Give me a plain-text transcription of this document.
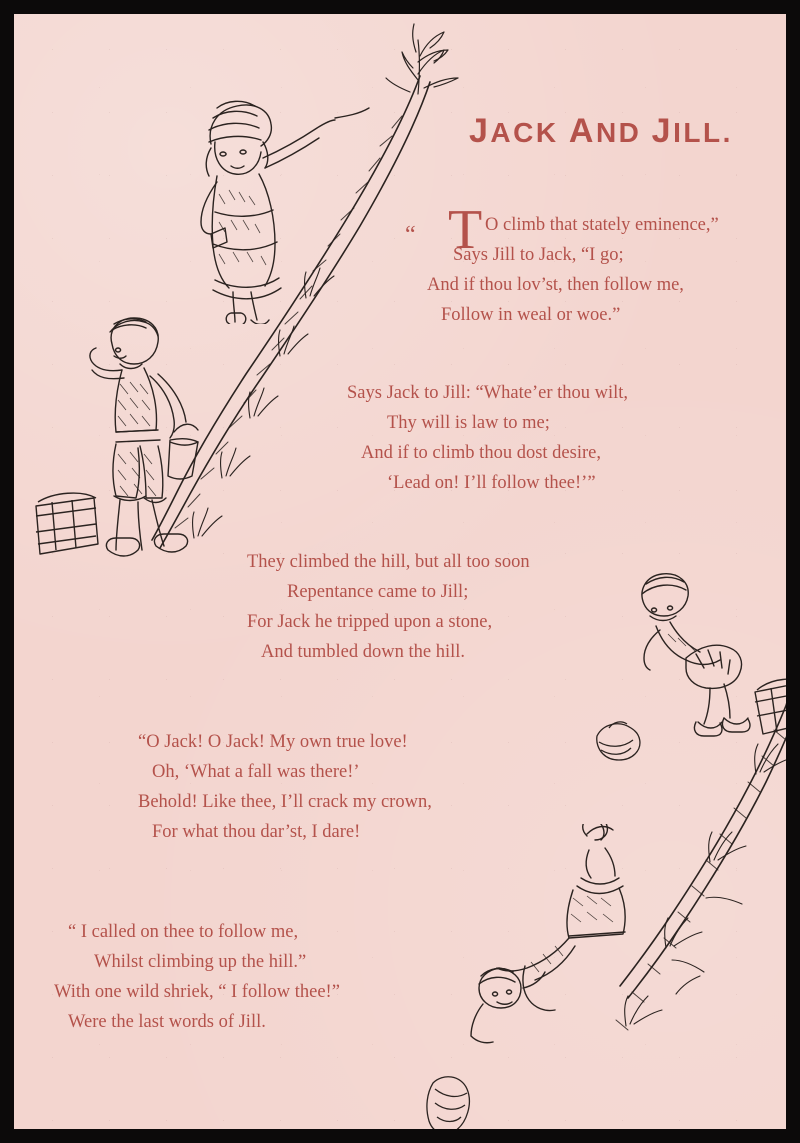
JACK AND JILL.
T
“	O climb that stately eminence,”
Says Jill to Jack, “I go;
And if thou lov’st, then follow me,
Follow in weal or woe.”
Says Jack to Jill: “Whate’er thou wilt,
Thy will is law to me;
And if to climb thou dost desire,
‘Lead on! I’ll follow thee!’”
They climbed the hill, but all too soon
Repentance came to Jill;
For Jack he tripped upon a stone,
And tumbled down the hill.
“O Jack! O Jack! My own true love!
Oh, ‘What a fall was there!’
Behold! Like thee, I’ll crack my crown,
For what thou dar’st, I dare!
“ I called on thee to follow me,
Whilst climbing up the hill.”
With one wild shriek, “ I follow thee!”
Were the last words of Jill.
